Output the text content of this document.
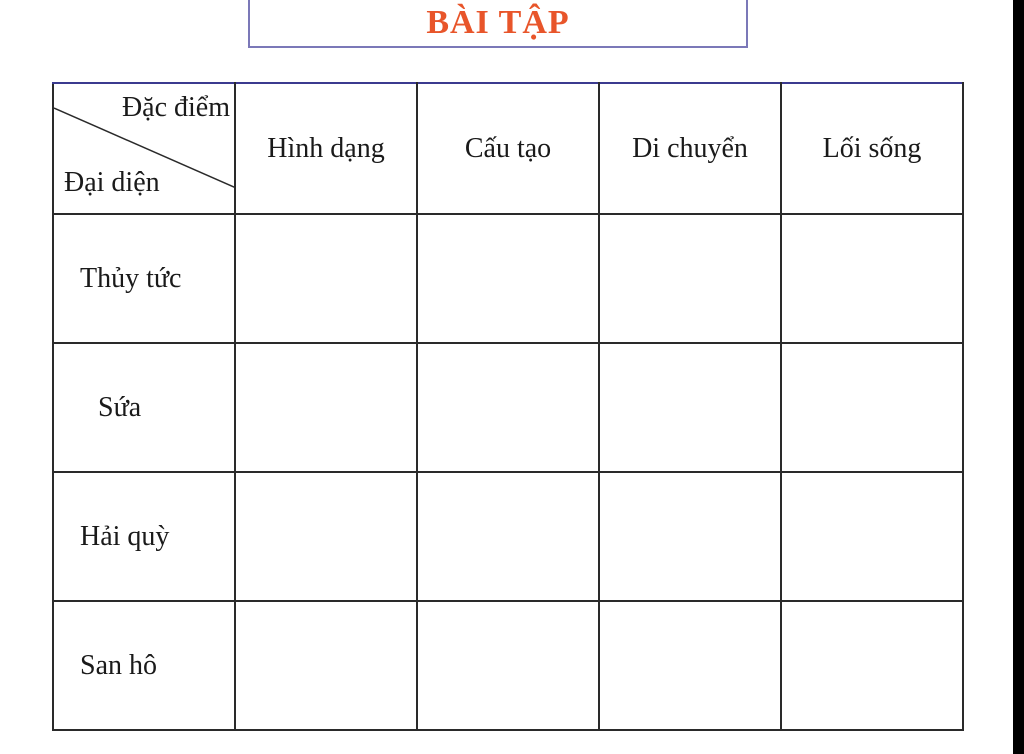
BÀI TẬP
Đặc điểm
Đại diện	Hình dạng	Cấu tạo	Di chuyển	Lối sống
Thủy tức				
Sứa				
Hải quỳ				
San hô				
